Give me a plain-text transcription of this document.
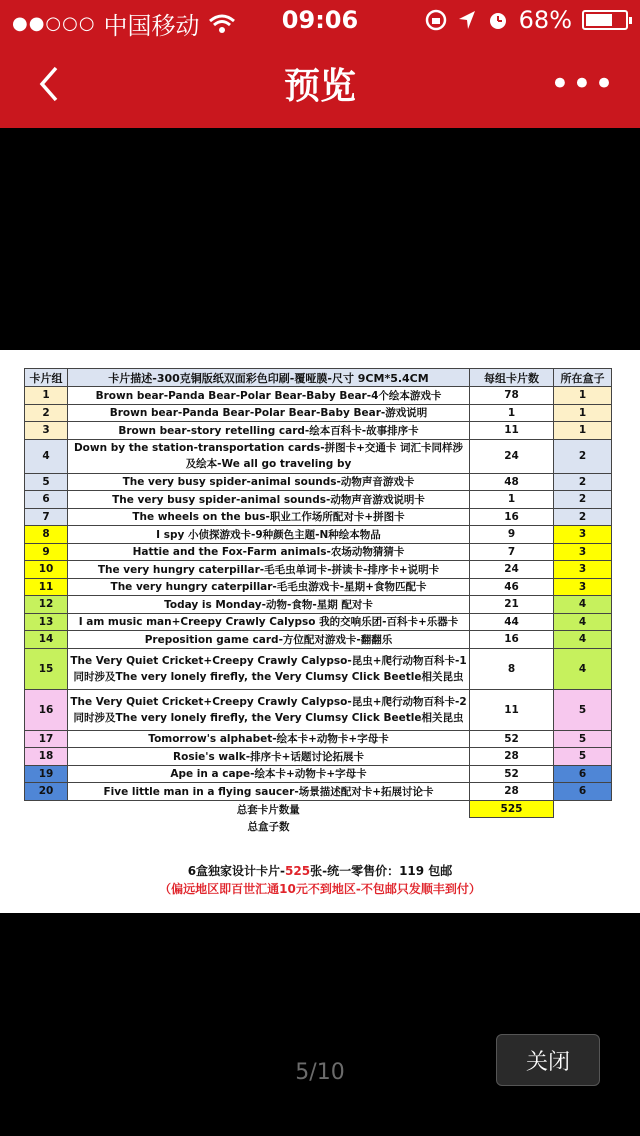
●●○○○ 中国移动	09:06	68%
预览	•••
卡片组	卡片描述-300克铜版纸双面彩色印刷-覆哑膜-尺寸 9CM*5.4CM	每组卡片数	所在盒子
1	Brown bear-Panda Bear-Polar Bear-Baby Bear-4个绘本游戏卡	78	1
2	Brown bear-Panda Bear-Polar Bear-Baby Bear-游戏说明	1	1
3	Brown bear-story retelling card-绘本百科卡-故事排序卡	11	1
4	Down by the station-transportation cards-拼图卡+交通卡 词汇卡同样涉及绘本-We all go traveling by	24	2
5	The very busy spider-animal sounds-动物声音游戏卡	48	2
6	The very busy spider-animal sounds-动物声音游戏说明卡	1	2
7	The wheels on the bus-职业工作场所配对卡+拼图卡	16	2
8	I spy 小侦探游戏卡-9种颜色主题-N种绘本物品	9	3
9	Hattie and the Fox-Farm animals-农场动物猜猜卡	7	3
10	The very hungry caterpillar-毛毛虫单词卡-拼读卡-排序卡+说明卡	24	3
11	The very hungry caterpillar-毛毛虫游戏卡-星期+食物匹配卡	46	3
12	Today is Monday-动物-食物-星期 配对卡	21	4
13	I am music man+Creepy Crawly Calypso 我的交响乐团-百科卡+乐器卡	44	4
14	Preposition game card-方位配对游戏卡-翻翻乐	16	4
15	The Very Quiet Cricket+Creepy Crawly Calypso-昆虫+爬行动物百科卡-1 同时涉及The very lonely firefly, the Very Clumsy Click Beetle相关昆虫	8	4
16	The Very Quiet Cricket+Creepy Crawly Calypso-昆虫+爬行动物百科卡-2 同时涉及The very lonely firefly, the Very Clumsy Click Beetle相关昆虫	11	5
17	Tomorrow's alphabet-绘本卡+动物卡+字母卡	52	5
18	Rosie's walk-排序卡+话题讨论拓展卡	28	5
19	Ape in a cape-绘本卡+动物卡+字母卡	52	6
20	Five little man in a flying saucer-场景描述配对卡+拓展讨论卡	28	6
	总套卡片数量	525	
	总盒子数		
6盒独家设计卡片-525张-统一零售价：119 包邮
（偏远地区即百世汇通10元不到地区-不包邮只发顺丰到付）
5/10	关闭
